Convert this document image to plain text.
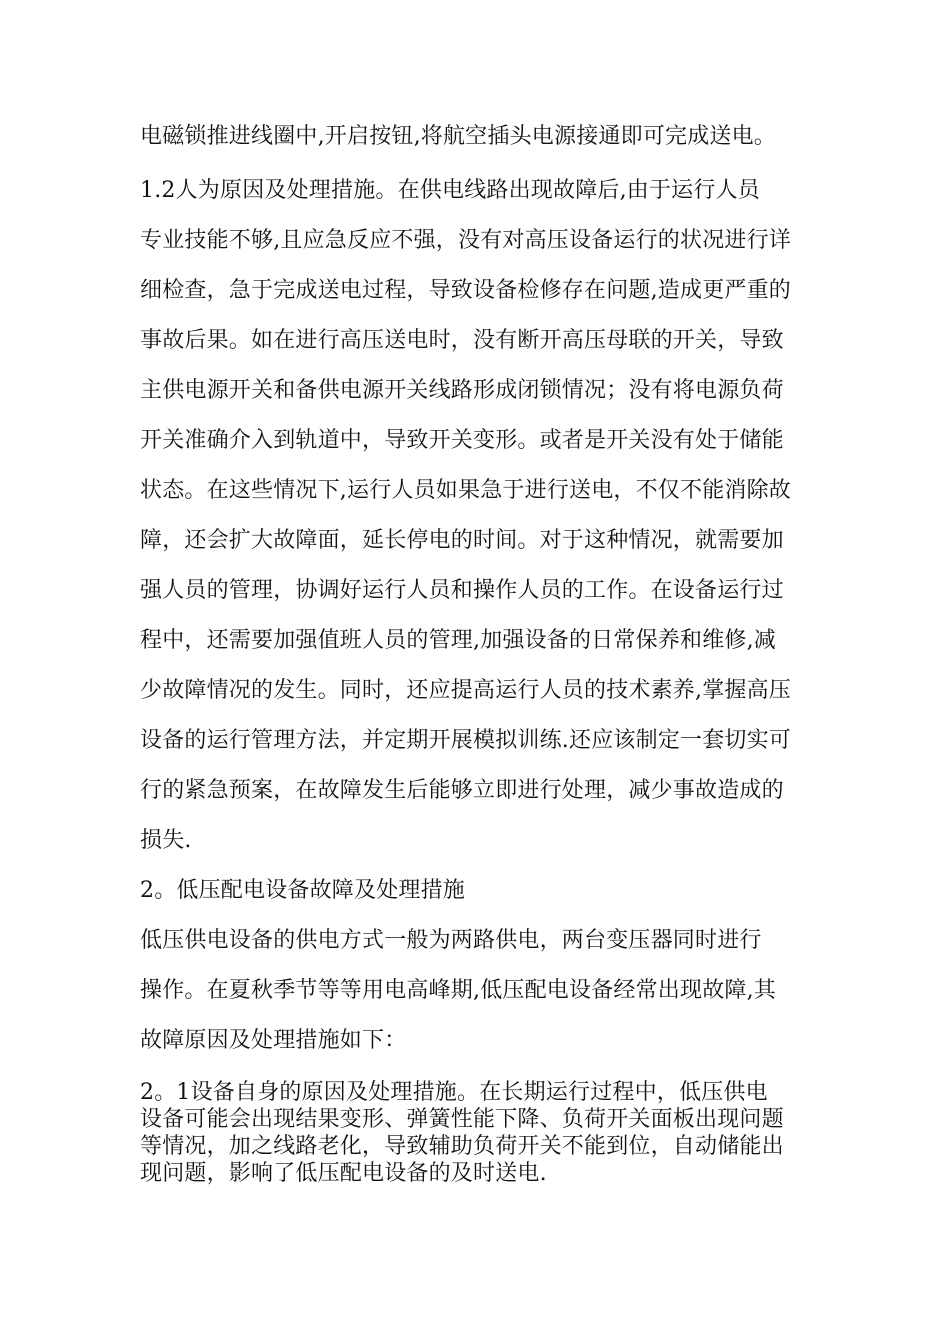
电磁锁推进线圈中,开启按钮,将航空插头电源接通即可完成送电。
1.2人为原因及处理措施。在供电线路出现故障后,由于运行人员
专业技能不够,且应急反应不强，没有对高压设备运行的状况进行详
细检查，急于完成送电过程，导致设备检修存在问题,造成更严重的
事故后果。如在进行高压送电时，没有断开高压母联的开关，导致
主供电源开关和备供电源开关线路形成闭锁情况；没有将电源负荷
开关准确介入到轨道中，导致开关变形。或者是开关没有处于储能
状态。在这些情况下,运行人员如果急于进行送电，不仅不能消除故
障，还会扩大故障面，延长停电的时间。对于这种情况，就需要加
强人员的管理，协调好运行人员和操作人员的工作。在设备运行过
程中，还需要加强值班人员的管理,加强设备的日常保养和维修,减
少故障情况的发生。同时，还应提高运行人员的技术素养,掌握高压
设备的运行管理方法，并定期开展模拟训练.还应该制定一套切实可
行的紧急预案，在故障发生后能够立即进行处理，减少事故造成的
损失.
2。低压配电设备故障及处理措施
低压供电设备的供电方式一般为两路供电，两台变压器同时进行
操作。在夏秋季节等等用电高峰期,低压配电设备经常出现故障,其
故障原因及处理措施如下：
2。1设备自身的原因及处理措施。在长期运行过程中，低压供电
设备可能会出现结果变形、弹簧性能下降、负荷开关面板出现问题
等情况，加之线路老化，导致辅助负荷开关不能到位，自动储能出
现问题，影响了低压配电设备的及时送电.
